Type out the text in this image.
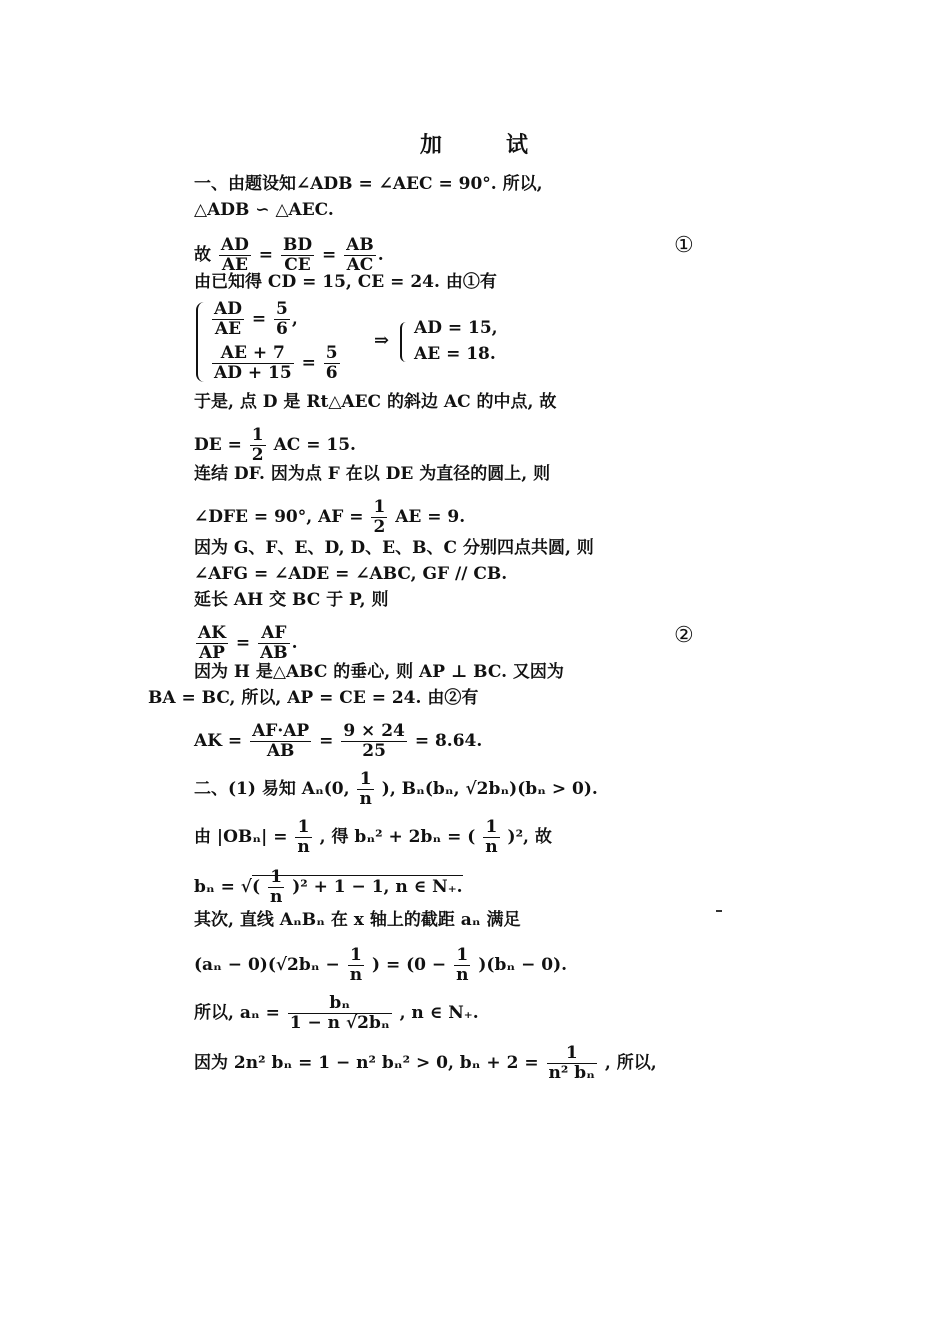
加	试
一、由题设知∠ADB = ∠AEC = 90°. 所以,
△ADB ∽ △AEC.
故 $\frac{AD}{AE} = \frac{BD}{CE} = \frac{AB}{AC}$ .	①
由已知得 CD = 15, CE = 24. 由①有
$\frac{AD}{AE} = \frac{5}{6}$ ,
$\frac{AE + 7}{AD + 15} = \frac{5}{6}$
⇒
AD = 15,
AE = 18.
于是, 点 D 是 Rt△AEC 的斜边 AC 的中点, 故
DE = $\frac{1}{2}$ AC = 15.
连结 DF. 因为点 F 在以 DE 为直径的圆上, 则
∠DFE = 90°, AF = $\frac{1}{2}$ AE = 9.
因为 G、F、E、D, D、E、B、C 分别四点共圆, 则
∠AFG = ∠ADE = ∠ABC, GF // CB.
延长 AH 交 BC 于 P, 则
$\frac{AK}{AP} = \frac{AF}{AB}$ .	②
因为 H 是△ABC 的垂心, 则 AP ⊥ BC. 又因为
BA = BC, 所以, AP = CE = 24. 由②有
AK = $\frac{AF\cdot AP}{AB} = \frac{9 \times 24}{25} = 8.64$.
二、(1) 易知 Aₙ(0, $\frac{1}{n}$ ), Bₙ(bₙ, √2bₙ)(bₙ > 0).
由 $|OB_n| = \frac{1}{n}$ , 得 bₙ² + 2bₙ = ( $\frac{1}{n} )^2$, 故
bₙ = √( $\frac{1}{n} )^2 + 1 - 1$, n ∈ N₊.
其次, 直线 AₙBₙ 在 x 轴上的截距 aₙ 满足
$(a_n - 0)(√2b_n - \frac{1}{n}$ ) = $(0 - \frac{1}{n} )(b_n - 0)$.
所以, $a_n = \frac{\text{bₙ}}{\text{1 − n √2bₙ}}$ , n ∈ N₊.
因为 2n² bₙ = 1 − n² bₙ² > 0, $b_n + 2 = \frac{1}{\text{n² bₙ}}$ , 所以,
